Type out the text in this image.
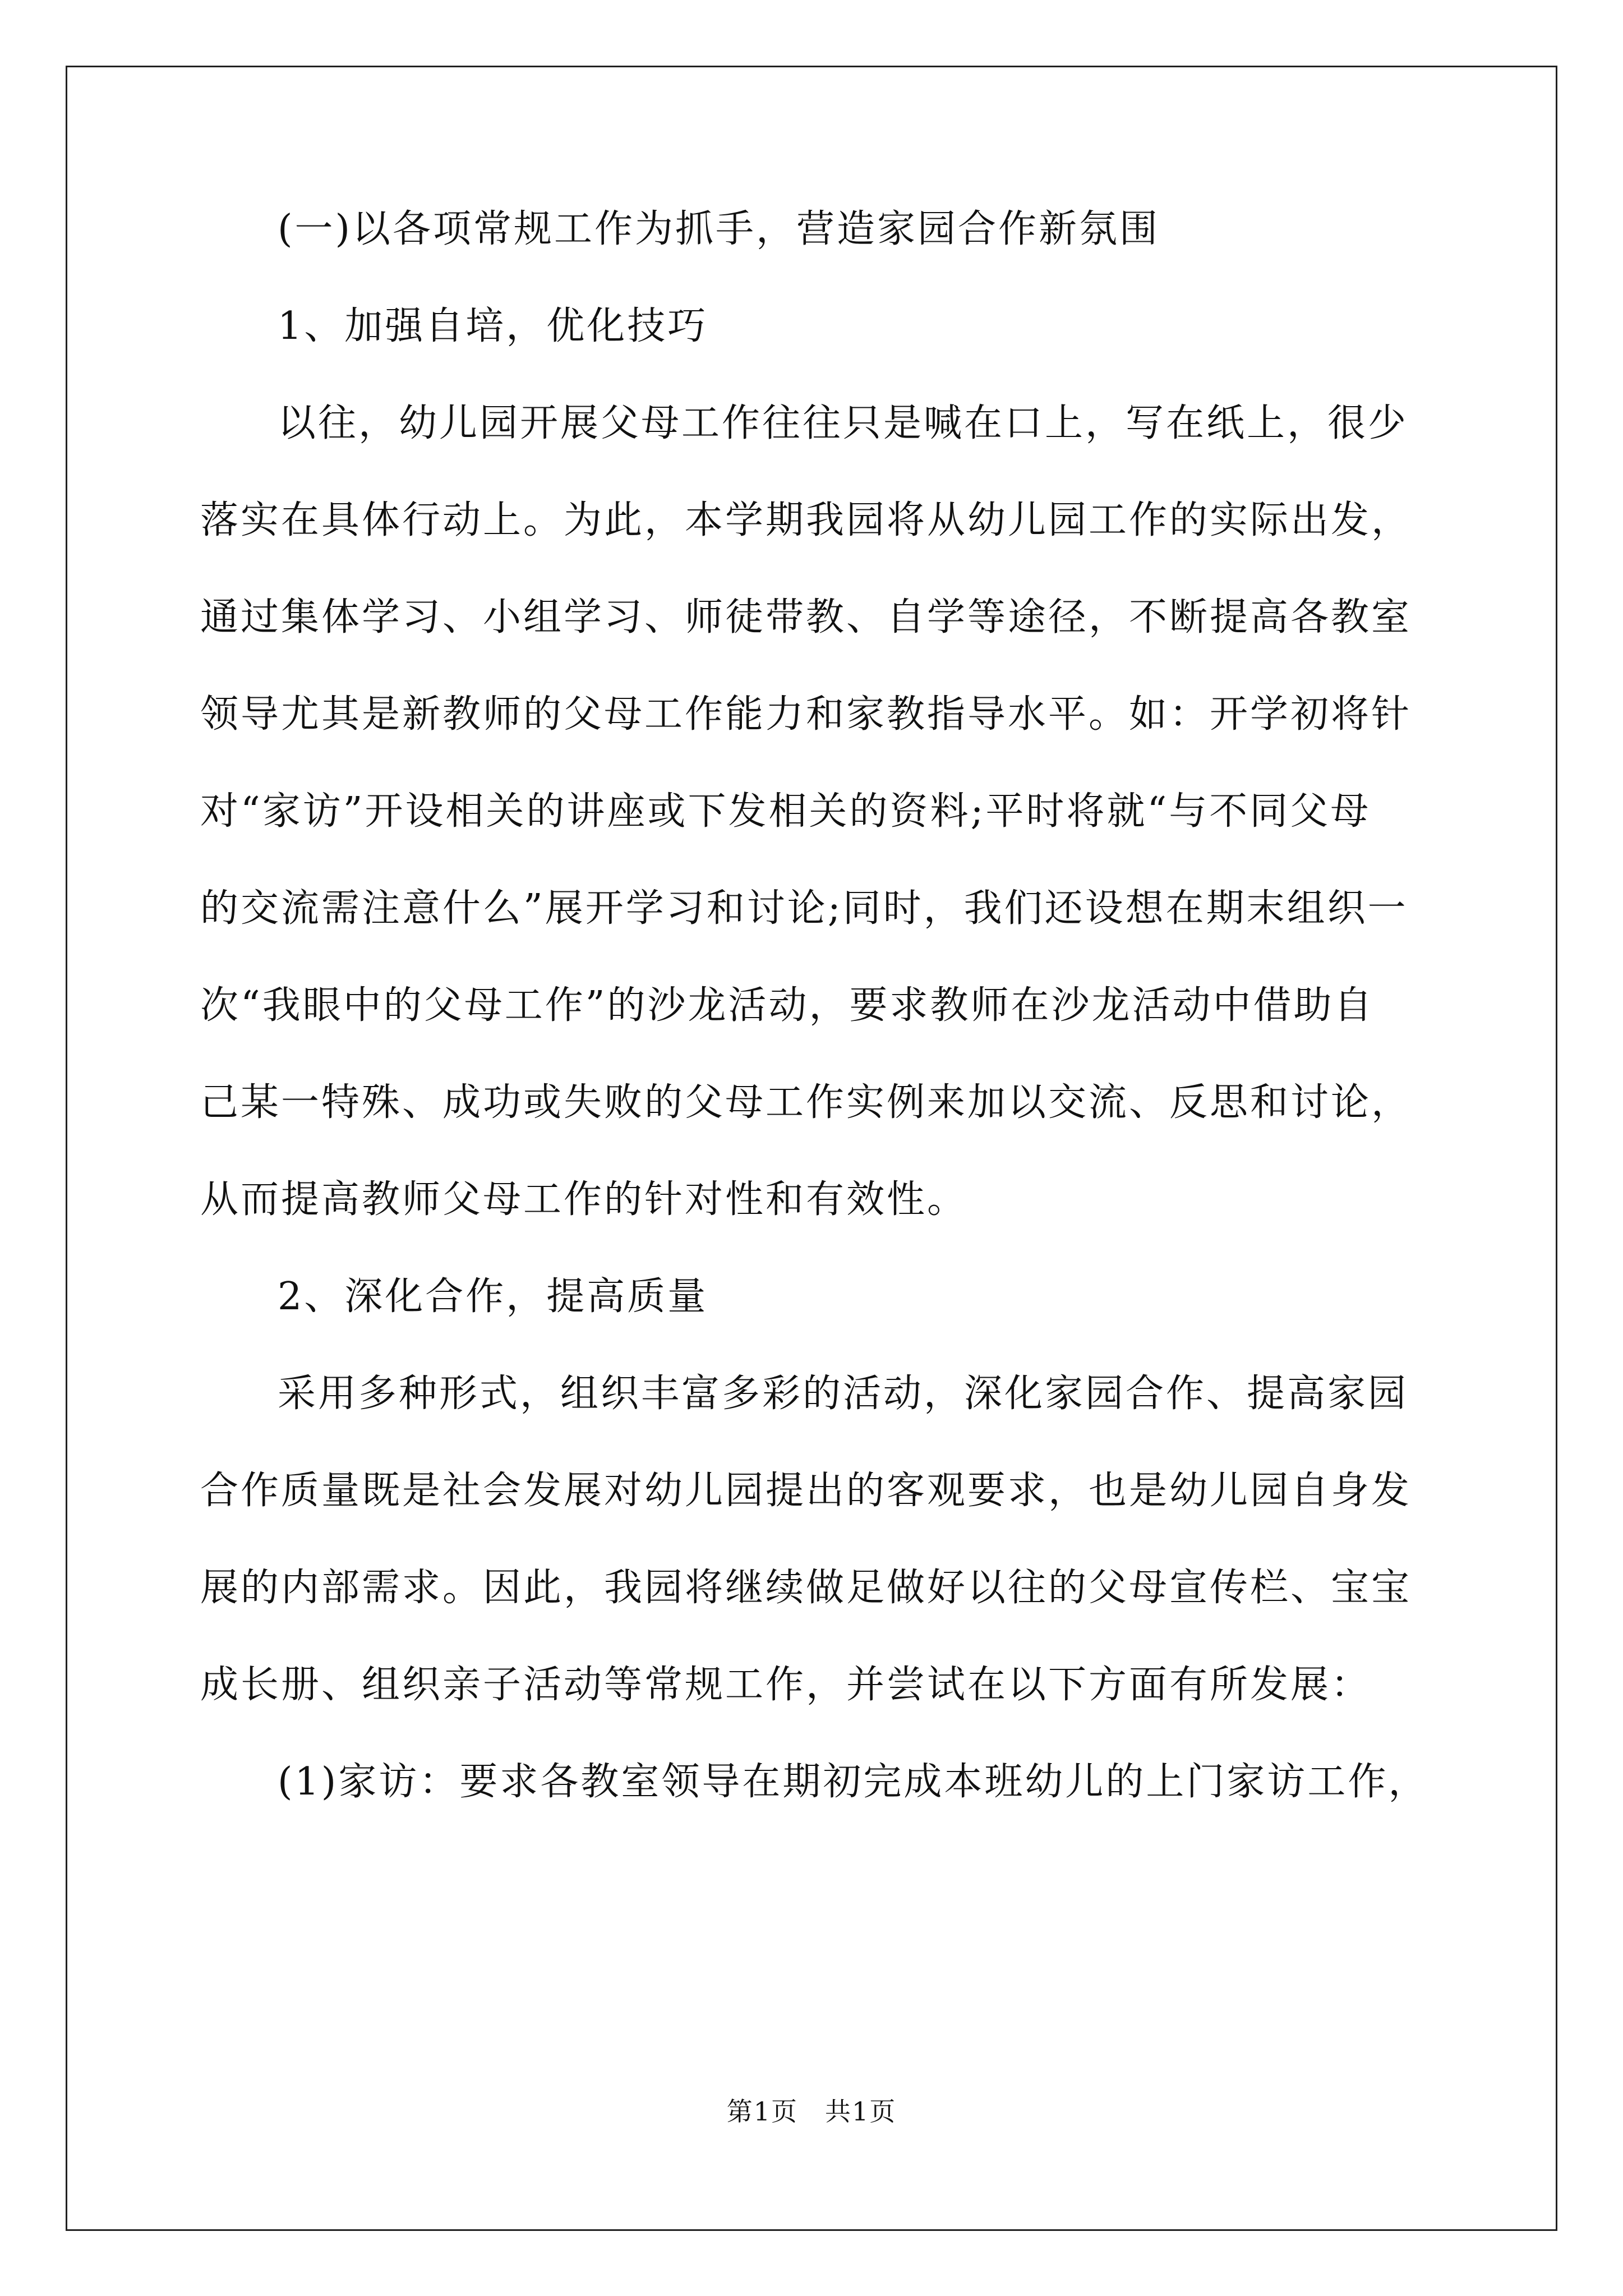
(一)以各项常规工作为抓手，营造家园合作新氛围
1、加强自培，优化技巧
以往，幼儿园开展父母工作往往只是喊在口上，写在纸上，很少
落实在具体行动上。为此，本学期我园将从幼儿园工作的实际出发，
通过集体学习、小组学习、师徒带教、自学等途径，不断提高各教室
领导尤其是新教师的父母工作能力和家教指导水平。如：开学初将针
对“家访”开设相关的讲座或下发相关的资料;平时将就“与不同父母
的交流需注意什么”展开学习和讨论;同时，我们还设想在期末组织一
次“我眼中的父母工作”的沙龙活动，要求教师在沙龙活动中借助自
己某一特殊、成功或失败的父母工作实例来加以交流、反思和讨论，
从而提高教师父母工作的针对性和有效性。
2、深化合作，提高质量
采用多种形式，组织丰富多彩的活动，深化家园合作、提高家园
合作质量既是社会发展对幼儿园提出的客观要求，也是幼儿园自身发
展的内部需求。因此，我园将继续做足做好以往的父母宣传栏、宝宝
成长册、组织亲子活动等常规工作，并尝试在以下方面有所发展：
(1)家访：要求各教室领导在期初完成本班幼儿的上门家访工作，
第1页　共1页
